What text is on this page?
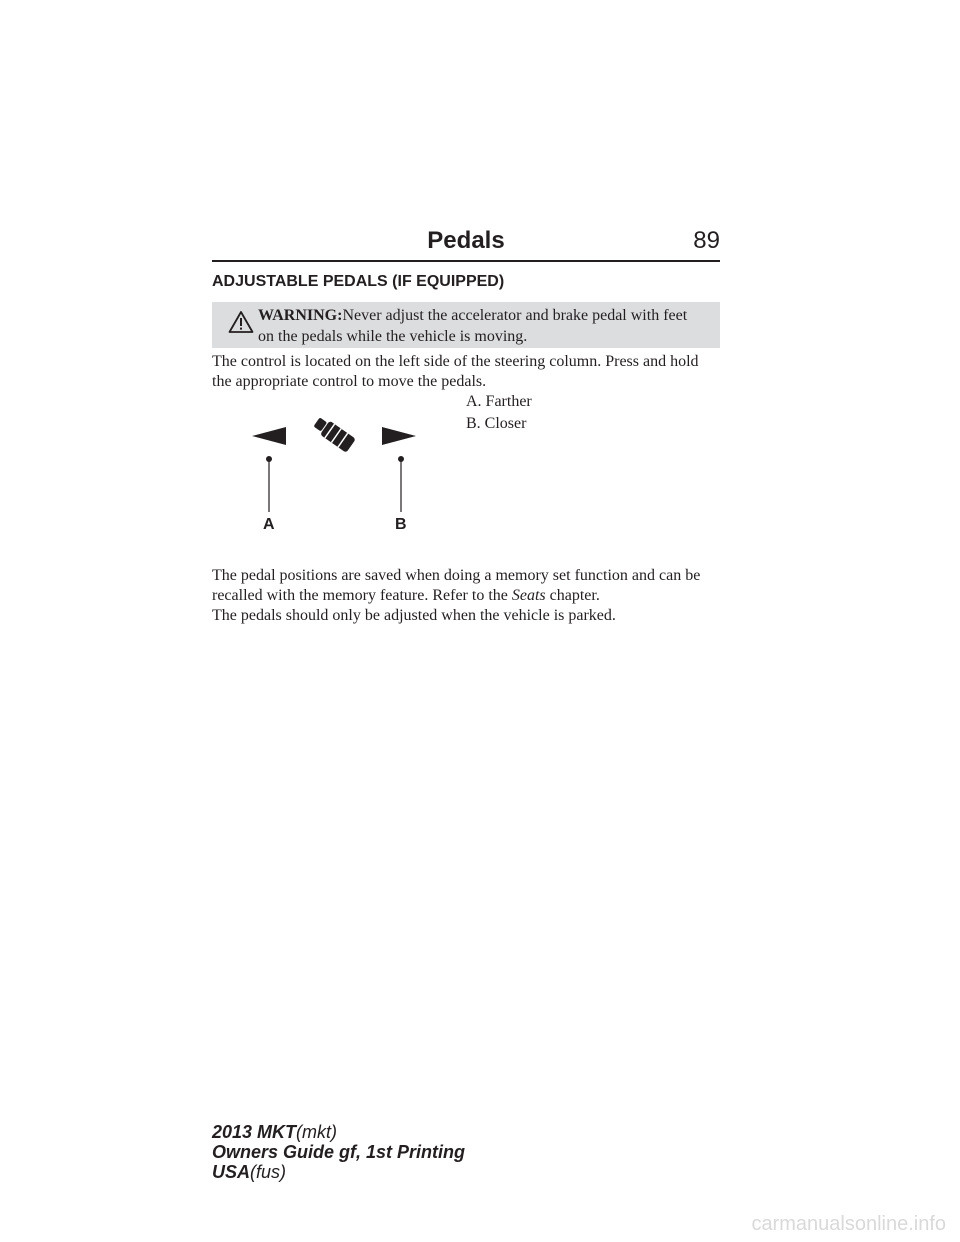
Pedals	89
ADJUSTABLE PEDALS (IF EQUIPPED)
WARNING:Never adjust the accelerator and brake pedal with feet on the pedals while the vehicle is moving.

The control is located on the left side of the steering column. Press and hold the appropriate control to move the pedals.

A. Farther
B. Closer
A	B

The pedal positions are saved when doing a memory set function and can be recalled with the memory feature. Refer to the Seats chapter.

The pedals should only be adjusted when the vehicle is parked.

2013 MKT(mkt)
Owners Guide gf, 1st Printing
USA(fus)
carmanualsonline.info
